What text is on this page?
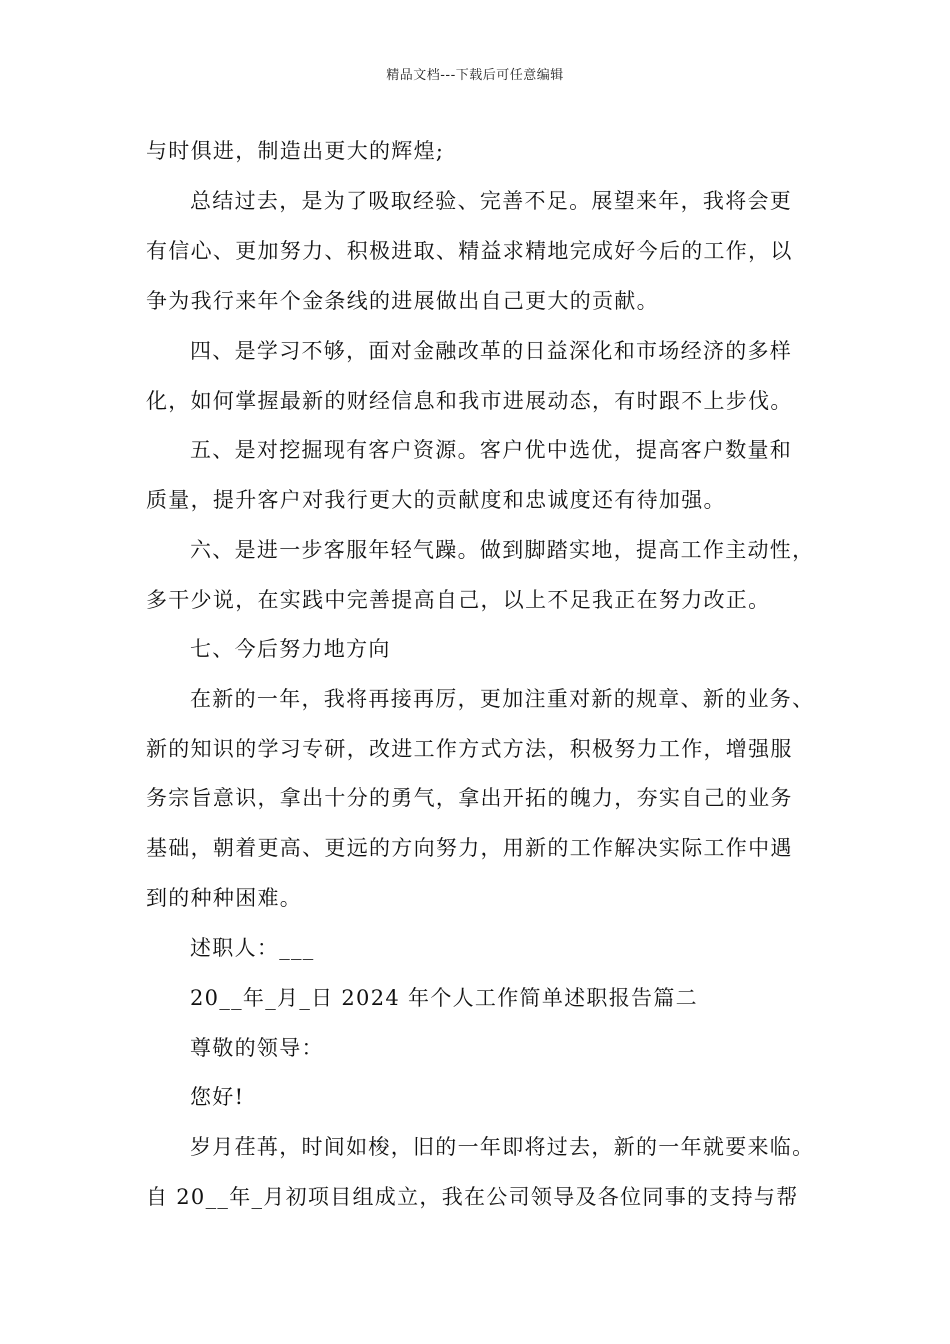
精品文档---下载后可任意编辑
与时俱进，制造出更大的辉煌;
总结过去，是为了吸取经验、完善不足。展望来年，我将会更
有信心、更加努力、积极进取、精益求精地完成好今后的工作，以
争为我行来年个金条线的进展做出自己更大的贡献。
四、是学习不够，面对金融改革的日益深化和市场经济的多样
化，如何掌握最新的财经信息和我市进展动态，有时跟不上步伐。
五、是对挖掘现有客户资源。客户优中选优，提高客户数量和
质量，提升客户对我行更大的贡献度和忠诚度还有待加强。
六、是进一步客服年轻气躁。做到脚踏实地，提高工作主动性，
多干少说，在实践中完善提高自己，以上不足我正在努力改正。
七、今后努力地方向
在新的一年，我将再接再厉，更加注重对新的规章、新的业务、
新的知识的学习专研，改进工作方式方法，积极努力工作，增强服
务宗旨意识，拿出十分的勇气，拿出开拓的魄力，夯实自己的业务
基础，朝着更高、更远的方向努力，用新的工作解决实际工作中遇
到的种种困难。
述职人：___
20__年_月_日 2024 年个人工作简单述职报告篇二
尊敬的领导：
您好!
岁月荏苒，时间如梭，旧的一年即将过去，新的一年就要来临。
自 20__年_月初项目组成立，我在公司领导及各位同事的支持与帮
